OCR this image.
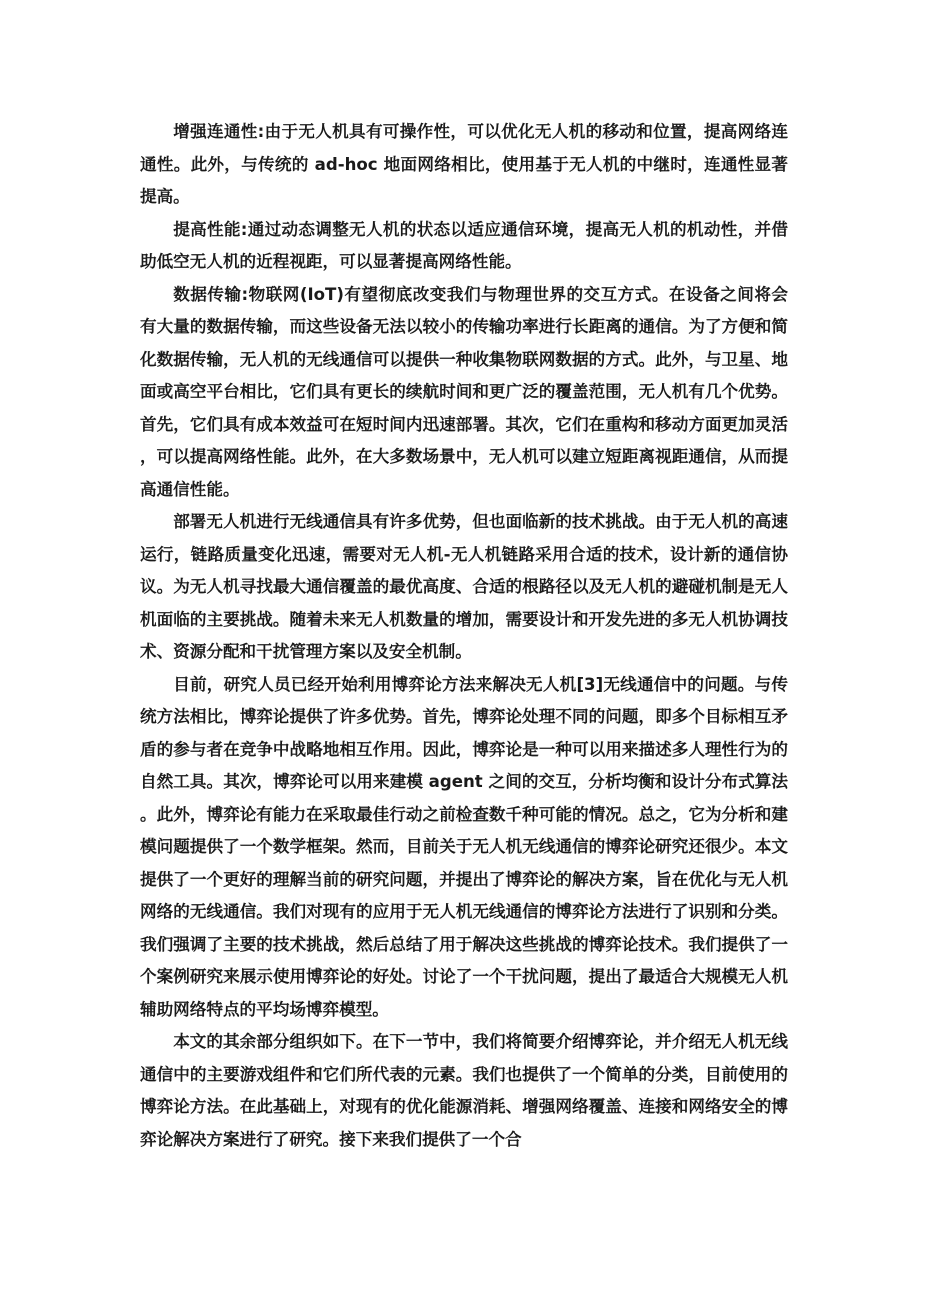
增强连通性:由于无人机具有可操作性，可以优化无人机的移动和位置，提高网络连通性。此外，与传统的 ad-hoc 地面网络相比，使用基于无人机的中继时，连通性显著提高。

提高性能:通过动态调整无人机的状态以适应通信环境，提高无人机的机动性，并借助低空无人机的近程视距，可以显著提高网络性能。

数据传输:物联网(IoT)有望彻底改变我们与物理世界的交互方式。在设备之间将会有大量的数据传输，而这些设备无法以较小的传输功率进行长距离的通信。为了方便和简化数据传输，无人机的无线通信可以提供一种收集物联网数据的方式。此外，与卫星、地面或高空平台相比，它们具有更长的续航时间和更广泛的覆盖范围，无人机有几个优势。首先，它们具有成本效益可在短时间内迅速部署。其次，它们在重构和移动方面更加灵活，可以提高网络性能。此外，在大多数场景中，无人机可以建立短距离视距通信，从而提高通信性能。

部署无人机进行无线通信具有许多优势，但也面临新的技术挑战。由于无人机的高速运行，链路质量变化迅速，需要对无人机-无人机链路采用合适的技术，设计新的通信协议。为无人机寻找最大通信覆盖的最优高度、合适的根路径以及无人机的避碰机制是无人机面临的主要挑战。随着未来无人机数量的增加，需要设计和开发先进的多无人机协调技术、资源分配和干扰管理方案以及安全机制。

目前，研究人员已经开始利用博弈论方法来解决无人机[3]无线通信中的问题。与传统方法相比，博弈论提供了许多优势。首先，博弈论处理不同的问题，即多个目标相互矛盾的参与者在竞争中战略地相互作用。因此，博弈论是一种可以用来描述多人理性行为的自然工具。其次，博弈论可以用来建模 agent 之间的交互，分析均衡和设计分布式算法。此外，博弈论有能力在采取最佳行动之前检查数千种可能的情况。总之，它为分析和建模问题提供了一个数学框架。然而，目前关于无人机无线通信的博弈论研究还很少。本文提供了一个更好的理解当前的研究问题，并提出了博弈论的解决方案，旨在优化与无人机网络的无线通信。我们对现有的应用于无人机无线通信的博弈论方法进行了识别和分类。我们强调了主要的技术挑战，然后总结了用于解决这些挑战的博弈论技术。我们提供了一个案例研究来展示使用博弈论的好处。讨论了一个干扰问题，提出了最适合大规模无人机辅助网络特点的平均场博弈模型。

本文的其余部分组织如下。在下一节中，我们将简要介绍博弈论，并介绍无人机无线通信中的主要游戏组件和它们所代表的元素。我们也提供了一个简单的分类，目前使用的博弈论方法。在此基础上，对现有的优化能源消耗、增强网络覆盖、连接和网络安全的博弈论解决方案进行了研究。接下来我们提供了一个合
